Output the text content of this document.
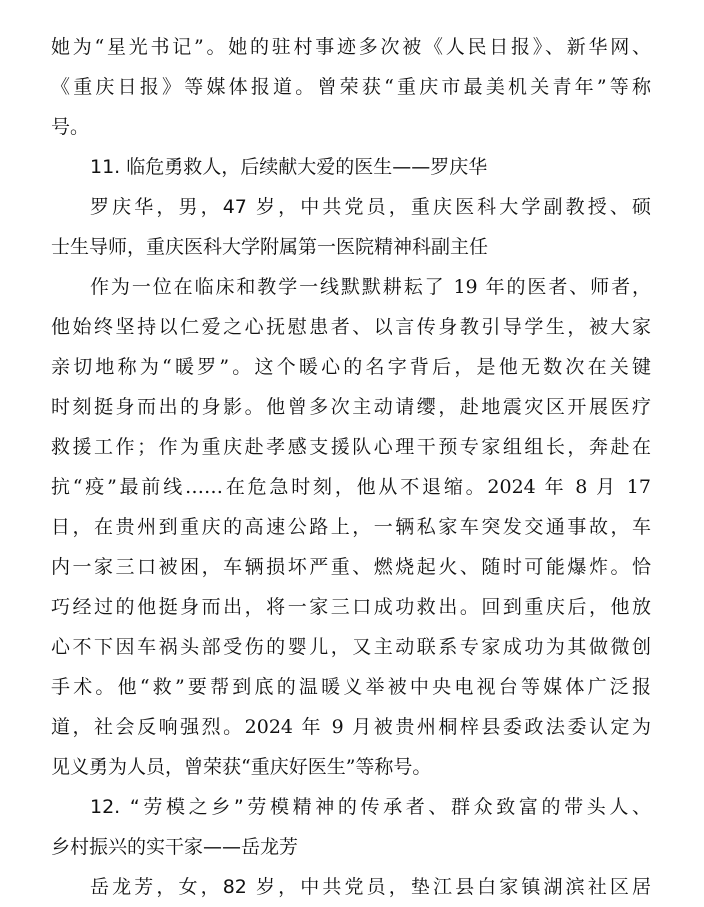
她为“星光书记”。她的驻村事迹多次被《人民日报》、新华网、
《重庆日报》等媒体报道。曾荣获“重庆市最美机关青年”等称
号。
11. 临危勇救人，后续献大爱的医生——罗庆华
罗庆华，男，47 岁，中共党员，重庆医科大学副教授、硕
士生导师，重庆医科大学附属第一医院精神科副主任
作为一位在临床和教学一线默默耕耘了 19 年的医者、师者，
他始终坚持以仁爱之心抚慰患者、以言传身教引导学生，被大家
亲切地称为“暖罗”。这个暖心的名字背后，是他无数次在关键
时刻挺身而出的身影。他曾多次主动请缨，赴地震灾区开展医疗
救援工作；作为重庆赴孝感支援队心理干预专家组组长，奔赴在
抗“疫”最前线……在危急时刻，他从不退缩。2024 年 8 月 17
日，在贵州到重庆的高速公路上，一辆私家车突发交通事故，车
内一家三口被困，车辆损坏严重、燃烧起火、随时可能爆炸。恰
巧经过的他挺身而出，将一家三口成功救出。回到重庆后，他放
心不下因车祸头部受伤的婴儿，又主动联系专家成功为其做微创
手术。他“救”要帮到底的温暖义举被中央电视台等媒体广泛报
道，社会反响强烈。2024 年 9 月被贵州桐梓县委政法委认定为
见义勇为人员，曾荣获“重庆好医生”等称号。
12. “劳模之乡”劳模精神的传承者、群众致富的带头人、
乡村振兴的实干家——岳龙芳
岳龙芳，女，82 岁，中共党员，垫江县白家镇湖滨社区居
